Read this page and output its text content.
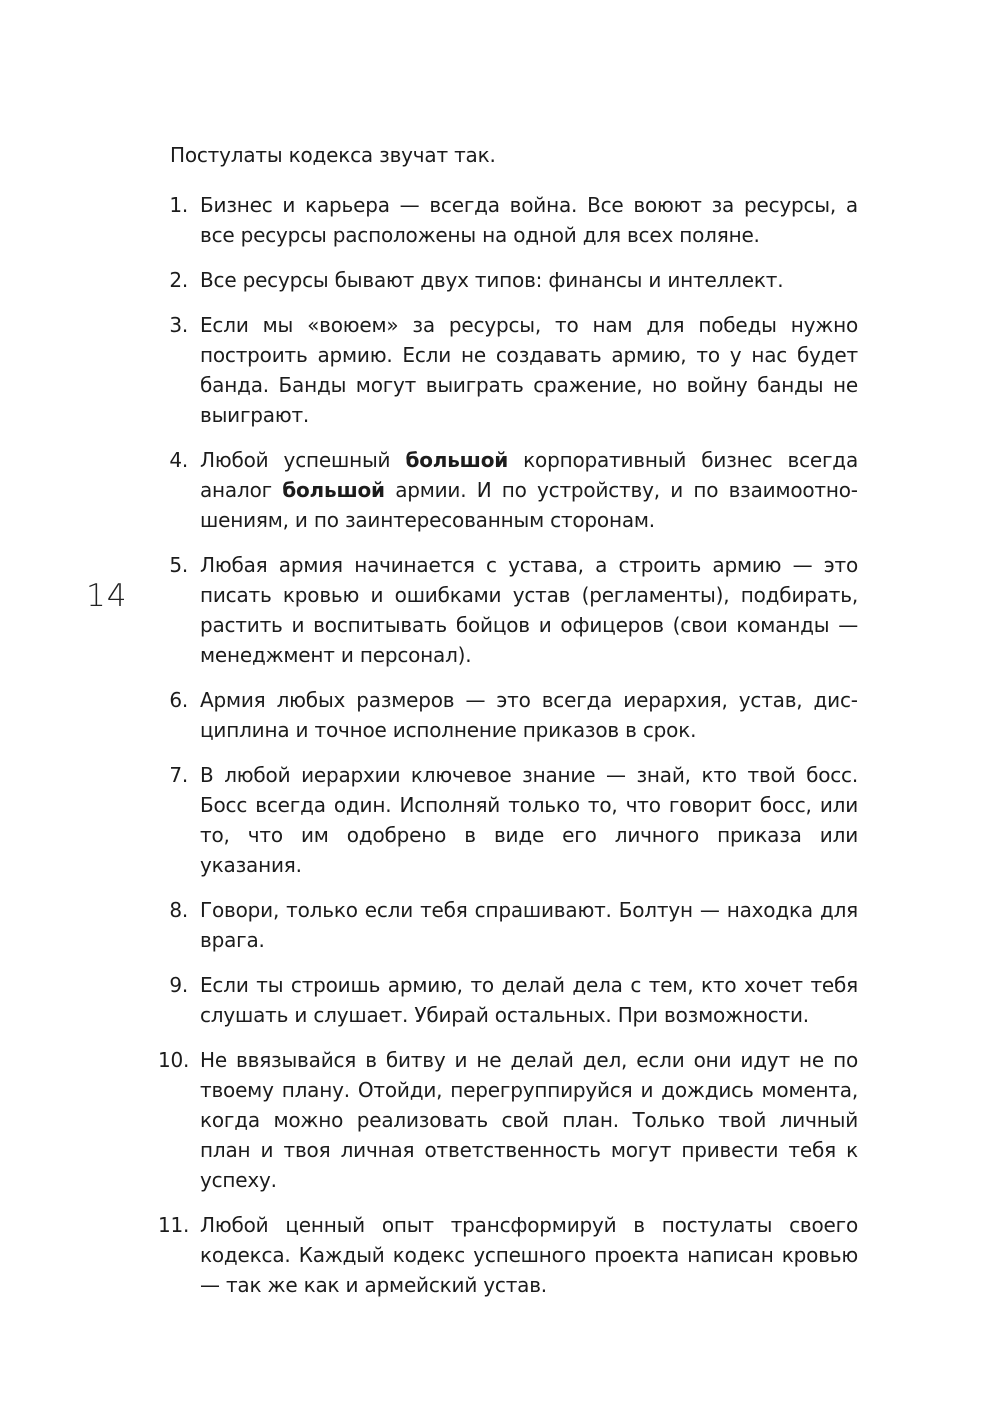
14

Постулаты кодекса звучат так.

1. Бизнес и карьера — всегда война. Все воюют за ресурсы, а все ресурсы расположены на одной для всех поляне.
2. Все ресурсы бывают двух типов: финансы и интеллект.
3. Если мы «воюем» за ресурсы, то нам для победы нужно построить армию. Если не создавать армию, то у нас будет банда. Банды могут выиграть сражение, но войну банды не выиграют.
4. Любой успешный большой корпоративный бизнес всегда аналог большой армии. И по устройству, и по взаимоотношениям, и по заинтересованным сторонам.
5. Любая армия начинается с устава, а строить армию — это писать кровью и ошибками устав (регламенты), подбирать, растить и воспитывать бойцов и офицеров (свои команды — менеджмент и персонал).
6. Армия любых размеров — это всегда иерархия, устав, дисциплина и точное исполнение приказов в срок.
7. В любой иерархии ключевое знание — знай, кто твой босс. Босс всегда один. Исполняй только то, что говорит босс, или то, что им одобрено в виде его личного приказа или указания.
8. Говори, только если тебя спрашивают. Болтун — находка для врага.
9. Если ты строишь армию, то делай дела с тем, кто хочет тебя слушать и слушает. Убирай остальных. При возможности.
10. Не ввязывайся в битву и не делай дел, если они идут не по твоему плану. Отойди, перегруппируйся и дождись момента, когда можно реализовать свой план. Только твой личный план и твоя личная ответственность могут привести тебя к успеху.
11. Любой ценный опыт трансформируй в постулаты своего кодекса. Каждый кодекс успешного проекта написан кровью — так же как и армейский устав.
